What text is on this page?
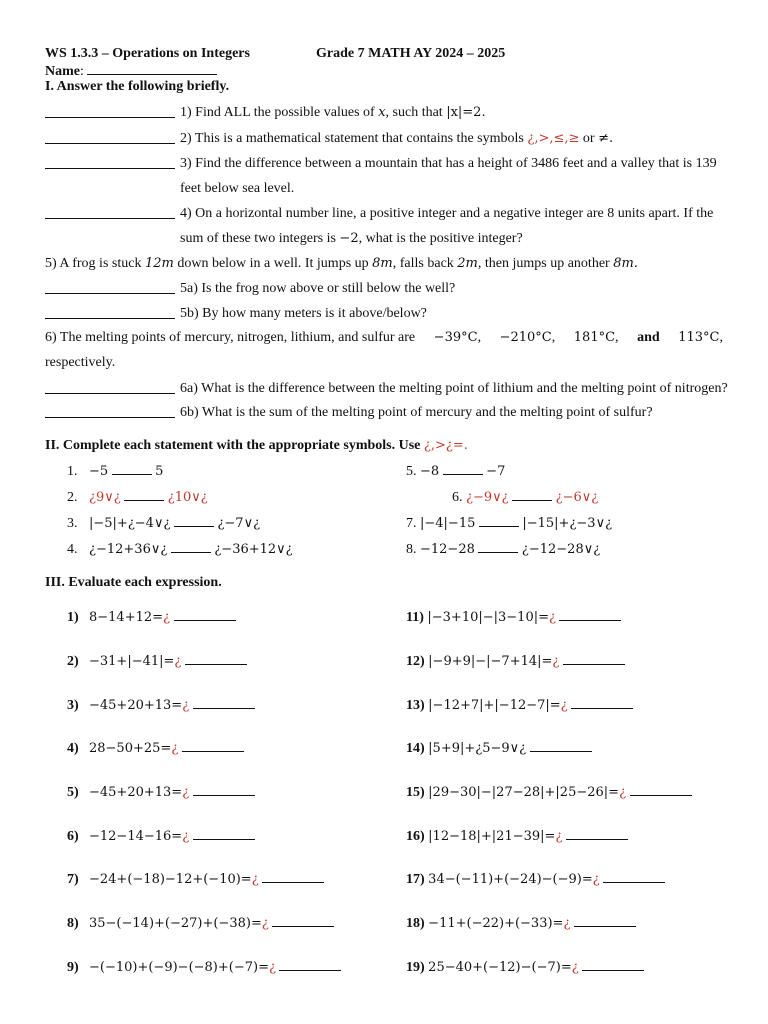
WS 1.3.3 – Operations on Integers	Grade 7 MATH AY 2024 – 2025
Name:
I. Answer the following briefly.
1) Find ALL the possible values of x, such that |x|=2.
2) This is a mathematical statement that contains the symbols ¿,>,≤,≥ or ≠.
3) Find the difference between a mountain that has a height of 3486 feet and a valley that is 139
feet below sea level.
4) On a horizontal number line, a positive integer and a negative integer are 8 units apart. If the
sum of these two integers is −2, what is the positive integer?
5) A frog is stuck 12m down below in a well. It jumps up 8m, falls back 2m, then jumps up another 8m.
5a) Is the frog now above or still below the well?
5b) By how many meters is it above/below?
6) The melting points of mercury, nitrogen, lithium, and sulfur are −39°C, −210°C, 181°C, and 113°C,
respectively.
6a) What is the difference between the melting point of lithium and the melting point of nitrogen?
6b) What is the sum of the melting point of mercury and the melting point of sulfur?
II. Complete each statement with the appropriate symbols. Use ¿,>¿=.
1. −5	5
2. ¿9∨¿	¿10∨¿
3. |−5|+¿−4∨¿	¿−7∨¿
4. ¿−12+36∨¿	¿−36+12∨¿
5. −8	−7
6. ¿−9∨¿	¿−6∨¿
7. |−4|−15	|−15|+¿−3∨¿
8. −12−28	¿−12−28∨¿
III. Evaluate each expression.
1) 8−14+12=¿
2) −31+|−41|=¿
3) −45+20+13=¿
4) 28−50+25=¿
5) −45+20+13=¿
6) −12−14−16=¿
7) −24+(−18)−12+(−10)=¿
8) 35−(−14)+(−27)+(−38)=¿
9) −(−10)+(−9)−(−8)+(−7)=¿
11) |−3+10|−|3−10|=¿
12) |−9+9|−|−7+14|=¿
13) |−12+7|+|−12−7|=¿
14) |5+9|+¿5−9∨¿
15) |29−30|−|27−28|+|25−26|=¿
16) |12−18|+|21−39|=¿
17) 34−(−11)+(−24)−(−9)=¿
18) −11+(−22)+(−33)=¿
19) 25−40+(−12)−(−7)=¿
